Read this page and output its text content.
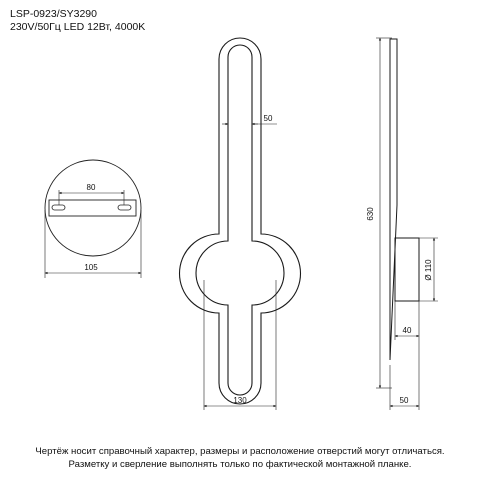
LSP-0923/SY3290
230V/50Гц LED 12Вт, 4000K
80
105
50
130
630
Ø 110
40
50
Чертёж носит справочный характер, размеры и расположение отверстий могут отличаться.
Разметку и сверление выполнять только по фактической монтажной планке.
